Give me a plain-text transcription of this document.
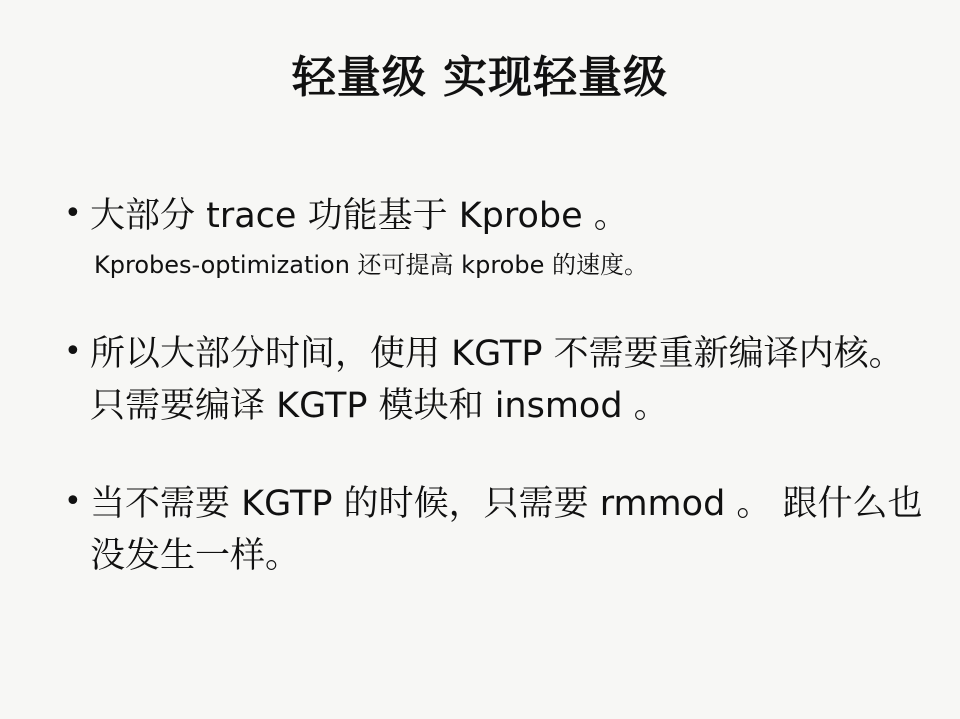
轻量级 实现轻量级
• 大部分 trace 功能基于 Kprobe 。
Kprobes-optimization 还可提高 kprobe 的速度。
• 所以大部分时间，使用 KGTP 不需要重新编译内核。只需要编译 KGTP 模块和 insmod 。
• 当不需要 KGTP 的时候，只需要 rmmod 。 跟什么也没发生一样。
